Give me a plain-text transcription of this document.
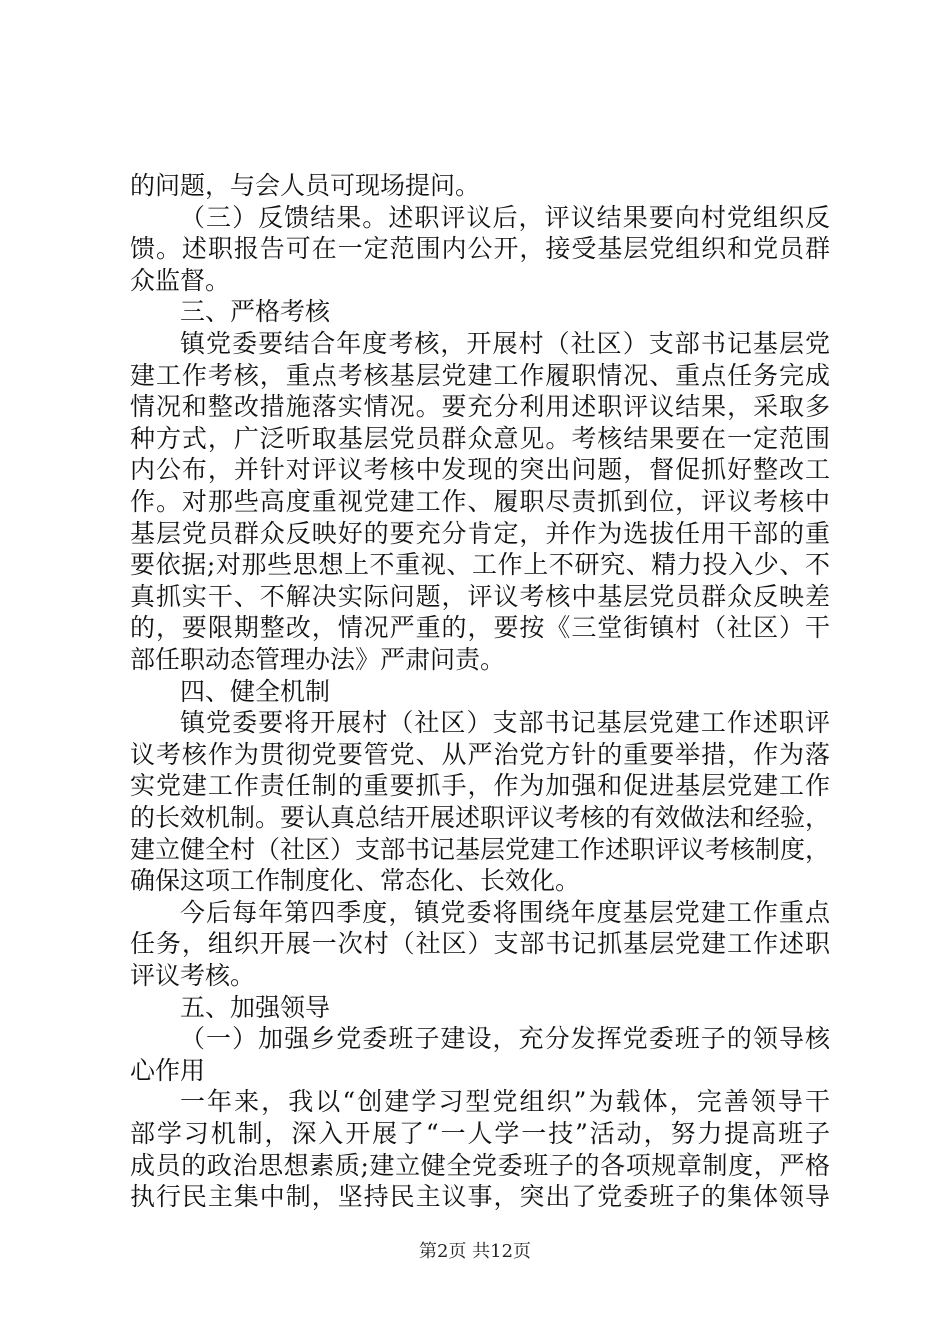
的问题，与会人员可现场提问。
（三）反馈结果。述职评议后，评议结果要向村党组织反
馈。述职报告可在一定范围内公开，接受基层党组织和党员群
众监督。
三、严格考核
镇党委要结合年度考核，开展村（社区）支部书记基层党
建工作考核，重点考核基层党建工作履职情况、重点任务完成
情况和整改措施落实情况。要充分利用述职评议结果，采取多
种方式，广泛听取基层党员群众意见。考核结果要在一定范围
内公布，并针对评议考核中发现的突出问题，督促抓好整改工
作。对那些高度重视党建工作、履职尽责抓到位，评议考核中
基层党员群众反映好的要充分肯定，并作为选拔任用干部的重
要依据;对那些思想上不重视、工作上不研究、精力投入少、不
真抓实干、不解决实际问题，评议考核中基层党员群众反映差
的，要限期整改，情况严重的，要按《三堂街镇村（社区）干
部任职动态管理办法》严肃问责。
四、健全机制
镇党委要将开展村（社区）支部书记基层党建工作述职评
议考核作为贯彻党要管党、从严治党方针的重要举措，作为落
实党建工作责任制的重要抓手，作为加强和促进基层党建工作
的长效机制。要认真总结开展述职评议考核的有效做法和经验，
建立健全村（社区）支部书记基层党建工作述职评议考核制度，
确保这项工作制度化、常态化、长效化。
今后每年第四季度，镇党委将围绕年度基层党建工作重点
任务，组织开展一次村（社区）支部书记抓基层党建工作述职
评议考核。
五、加强领导
（一）加强乡党委班子建设，充分发挥党委班子的领导核
心作用
一年来，我以“创建学习型党组织”为载体，完善领导干
部学习机制，深入开展了“一人学一技”活动，努力提高班子
成员的政治思想素质;建立健全党委班子的各项规章制度，严格
执行民主集中制，坚持民主议事，突出了党委班子的集体领导
第2页 共12页
